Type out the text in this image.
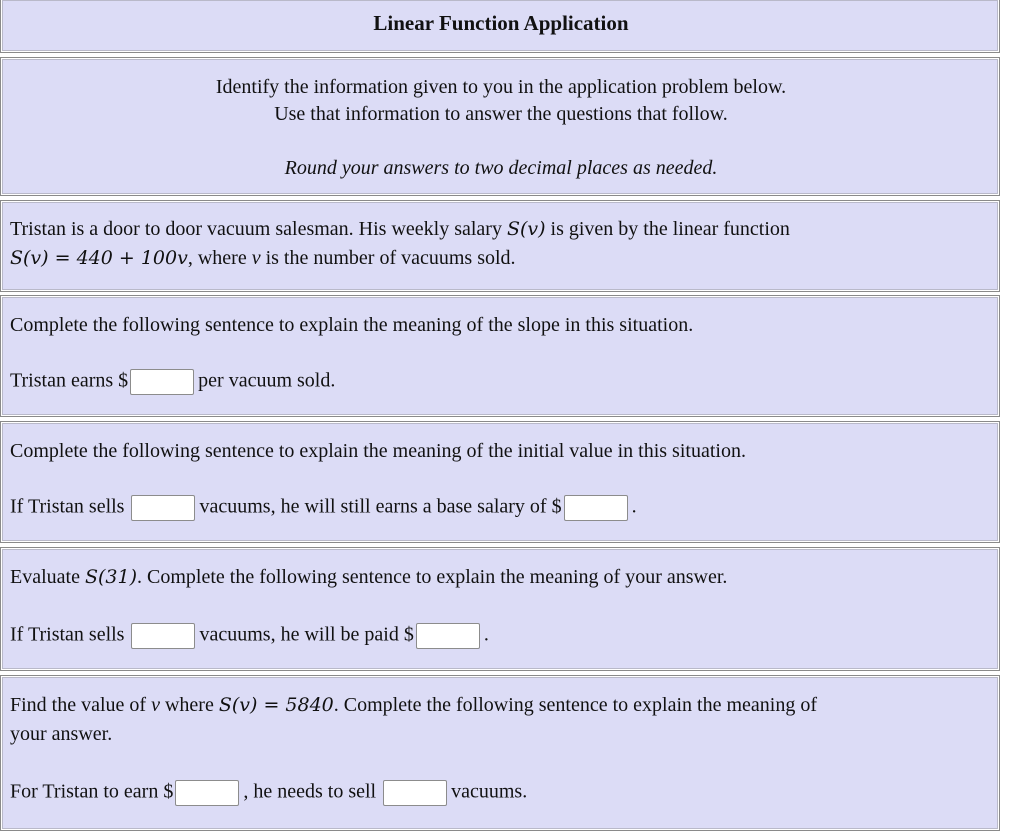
Linear Function Application
Identify the information given to you in the application problem below.
Use that information to answer the questions that follow.
Round your answers to two decimal places as needed.
Tristan is a door to door vacuum salesman. His weekly salary S(v) is given by the linear function
S(v) = 440 + 100v, where v is the number of vacuums sold.
Complete the following sentence to explain the meaning of the slope in this situation.
Tristan earns $	per vacuum sold.
Complete the following sentence to explain the meaning of the initial value in this situation.
If Tristan sells	vacuums, he will still earns a base salary of $	.
Evaluate S(31). Complete the following sentence to explain the meaning of your answer.
If Tristan sells	vacuums, he will be paid $	.
Find the value of v where S(v) = 5840. Complete the following sentence to explain the meaning of
your answer.
For Tristan to earn $	, he needs to sell	vacuums.
